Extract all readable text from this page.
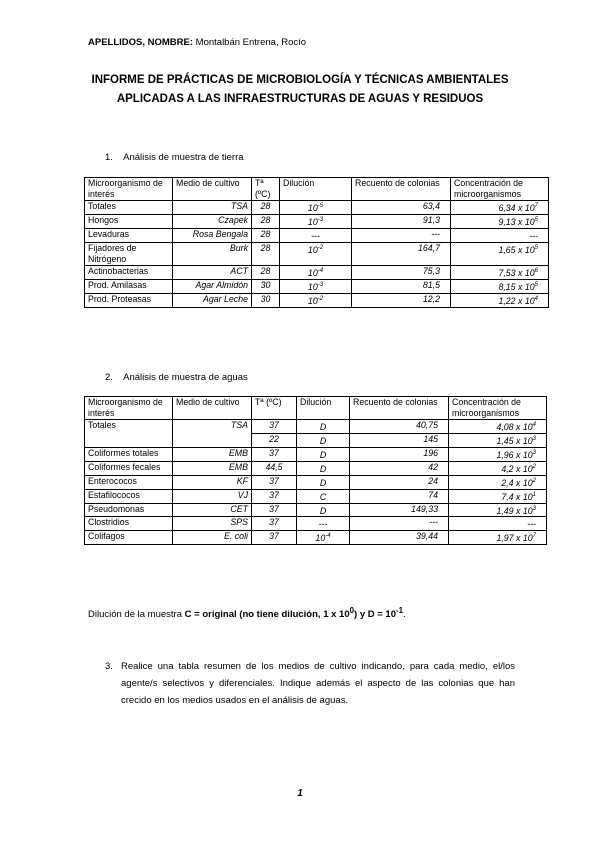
APELLIDOS, NOMBRE: Montalbán Entrena, Rocío
INFORME DE PRÁCTICAS DE MICROBIOLOGÍA Y TÉCNICAS AMBIENTALES
APLICADAS A LAS INFRAESTRUCTURAS DE AGUAS Y RESIDUOS
1. Análisis de muestra de tierra
Microorganismo de interés	Medio de cultivo	Tª (ºC)	Dilución	Recuento de colonias	Concentración de microorganismos
Totales	TSA	28	$10^{-5}$	63,4	6,34 x $10^7$
Hongos	Czapek	28	$10^{-3}$	91,3	9,13 x $10^5$
Levaduras	Rosa Bengala	28	---	---	---
Fijadores de Nitrógeno	Burk	28	$10^{-2}$	164,7	1,65 x $10^5$
Actinobacterias	ACT	28	$10^{-4}$	75,3	7,53 x $10^6$
Prod. Amilasas	Agar Almidón	30	$10^{-3}$	81,5	8,15 x $10^5$
Prod. Proteasas	Agar Leche	30	$10^{-2}$	12,2	1,22 x $10^4$
2. Análisis de muestra de aguas
Microorganismo de interés	Medio de cultivo	Tª (ºC)	Dilución	Recuento de colonias	Concentración de microorganismos
Totales	TSA	37	D	40,75	4,08 x $10^4$
		22	D	145	1,45 x $10^3$
Coliformes totales	EMB	37	D	196	1,96 x $10^3$
Coliformes fecales	EMB	44,5	D	42	4,2 x $10^2$
Enterococos	KF	37	D	24	2,4 x $10^2$
Estafilococos	VJ	37	C	74	7,4 x $10^1$
Pseudomonas	CET	37	D	149,33	1,49 x $10^3$
Clostridios	SPS	37	---	---	---
Colifagos	E. coli	37	$10^{-4}$	39,44	1,97 x $10^7$
Dilución de la muestra C = original (no tiene dilución, 1 x $10^0$) y $D = 10^{-1}$.
3. Realice una tabla resumen de los medios de cultivo indicando, para cada medio, el/los agente/s selectivos y diferenciales. Indique además el aspecto de las colonias que han crecido en los medios usados en el análisis de aguas.
1
